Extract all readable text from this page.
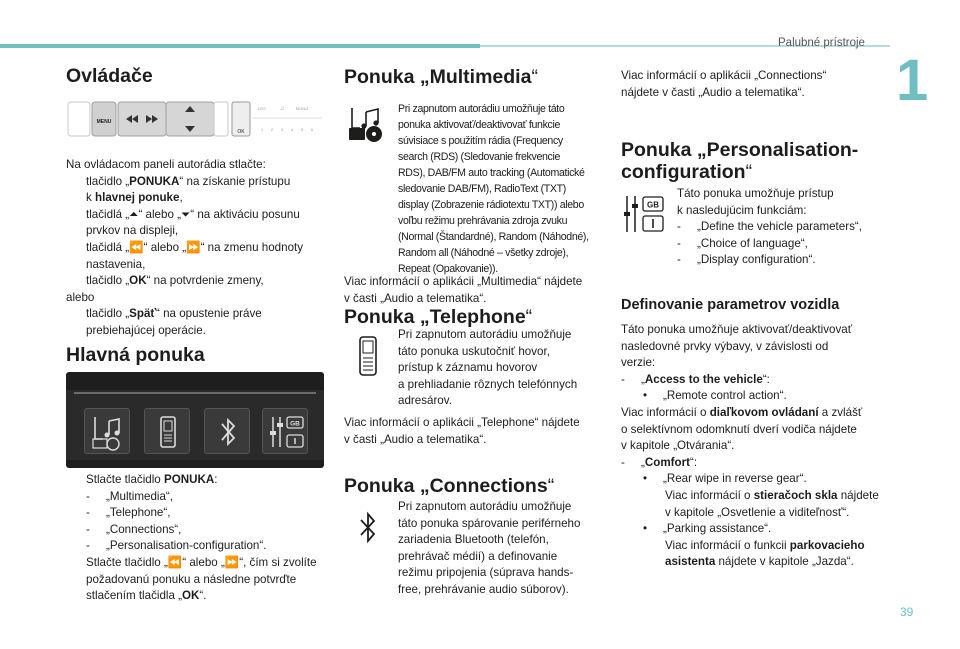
Palubné prístroje
1
39
Ovládače
MENU
OK
LIST ♫	MONO
1 2 3 4 5 6

Na ovládacom paneli autorádia stlačte:

tlačidlo „PONUKA“ na získanie prístupu

k hlavnej ponuke,

tlačidlá „⏶“ alebo „⏷“ na aktiváciu posunu

prvkov na displeji,

tlačidlá „⏪“ alebo „⏩“ na zmenu hodnoty

nastavenia,

tlačidlo „OK“ na potvrdenie zmeny,

alebo

tlačidlo „Späť“ na opustenie práve

prebiehajúcej operácie.

Hlavná ponuka
GB

Stlačte tlačidlo PONUKA:

- „Multimedia“,

- „Telephone“,

- „Connections“,

- „Personalisation-configuration“.

Stlačte tlačidlo „⏪“ alebo „⏩“, čím si zvolíte

požadovanú ponuku a následne potvrďte

stlačením tlačidla „OK“.

Ponuka „Multimedia“

Pri zapnutom autorádiu umožňuje táto

ponuka aktivovať/deaktivovať funkcie

súvisiace s použitím rádia (Frequency

search (RDS) (Sledovanie frekvencie

RDS), DAB/FM auto tracking (Automatické

sledovanie DAB/FM), RadioText (TXT)

display (Zobrazenie rádiotextu TXT)) alebo

voľbu režimu prehrávania zdroja zvuku

(Normal (Štandardné), Random (Náhodné),

Random all (Náhodné – všetky zdroje),

Repeat (Opakovanie)).

Viac informácií o aplikácii „Multimedia“ nájdete

v časti „Audio a telematika“.

Ponuka „Telephone“

Pri zapnutom autorádiu umožňuje

táto ponuka uskutočniť hovor,

prístup k záznamu hovorov

a prehliadanie rôznych telefónnych

adresárov.

Viac informácií o aplikácii „Telephone“ nájdete

v časti „Audio a telematika“.

Ponuka „Connections“

Pri zapnutom autorádiu umožňuje

táto ponuka spárovanie periférneho

zariadenia Bluetooth (telefón,

prehrávač médií) a definovanie

režimu pripojenia (súprava hands-

free, prehrávanie audio súborov).

Viac informácií o aplikácii „Connections“

nájdete v časti „Audio a telematika“.

Ponuka „Personalisation-
configuration“
GB

Táto ponuka umožňuje prístup

k nasledujúcim funkciám:

- „Define the vehicle parameters“,

- „Choice of language“,

- „Display configuration“.

Definovanie parametrov vozidla

Táto ponuka umožňuje aktivovať/deaktivovať

nasledovné prvky výbavy, v závislosti od

verzie:

- „Access to the vehicle“:

• „Remote control action“.

Viac informácií o diaľkovom ovládaní a zvlášť

o selektívnom odomknutí dverí vodiča nájdete

v kapitole „Otvárania“.

- „Comfort“:

• „Rear wipe in reverse gear“.

Viac informácií o stieračoch skla nájdete

v kapitole „Osvetlenie a viditeľnosť“.

• „Parking assistance“.

Viac informácií o funkcii parkovacieho

asistenta nájdete v kapitole „Jazda“.
